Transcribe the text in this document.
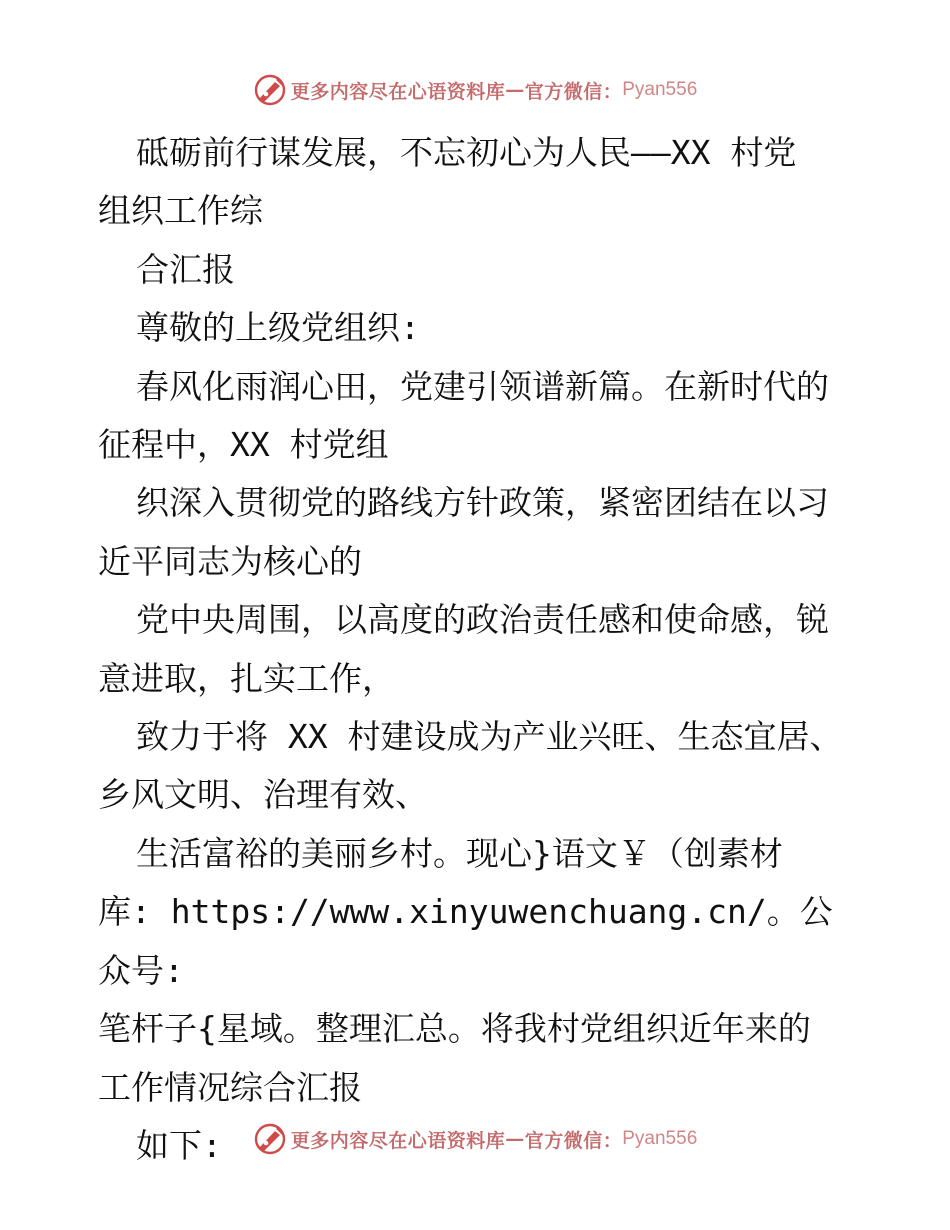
更多内容尽在心语资料库 — 官方微信： Pyan556

砥砺前行谋发展，不忘初心为人民——XX 村党

组织工作综

合汇报

尊敬的上级党组织:

春风化雨润心田，党建引领谱新篇。在新时代的

征程中，XX 村党组

织深入贯彻党的路线方针政策，紧密团结在以习

近平同志为核心的

党中央周围，以高度的政治责任感和使命感，锐

意进取，扎实工作，

致力于将 XX 村建设成为产业兴旺、生态宜居、

乡风文明、治理有效、

生活富裕的美丽乡村。现心}语文￥（创素材

库: https://www.xinyuwenchuang.cn/。公众号:

笔杆子{星域。整理汇总。将我村党组织近年来的

工作情况综合汇报

如下:	更多内容尽在心语资料库 — 官方微信： Pyan556
